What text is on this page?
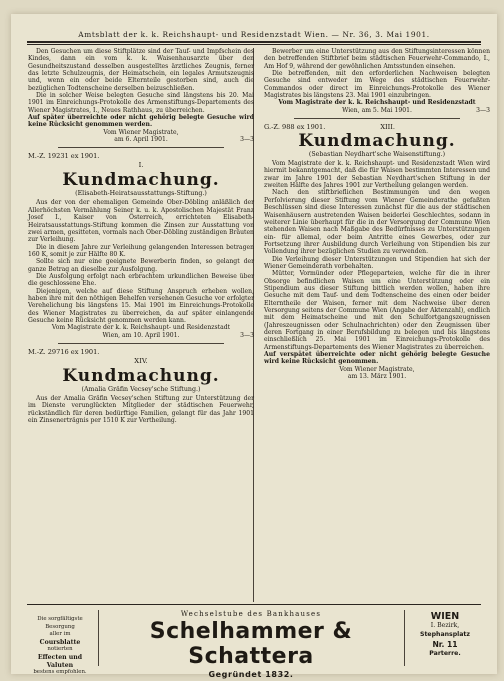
Amtsblatt der k. k. Reichshaupt- und Residenzstadt Wien. — Nr. 36, 3. Mai 1901.

Den Gesuchen um diese Stiftplätze sind der Tauf- und Impfschein des Kindes, dann ein vom k. k. Waisenhausarzte über den Gesundheitszustand desselben ausgestelltes ärztliches Zeugnis, ferner das letzte Schulzeugnis, der Heimatschein, ein legales Armutszeugnis und, wenn ein oder beide Elternteile gestorben sind, auch die bezüglichen Todtenscheine derselben beizuschließen.

Die in solcher Weise belegten Gesuche sind längstens bis 20. Mai 1901 im Einreichungs-Protokolle des Armenstiftungs-Departements des Wiener Magistrates, I., Neues Rathhaus, zu überreichen.

Auf später überreichte oder nicht gehörig belegte Gesuche wird keine Rücksicht genommen werden.

Vom Wiener Magistrate,

am 6. April 1901.	3—3
M.-Z. 19231 ex 1901.
I.
Kundmachung.
(Elisabeth-Heiratsausstattungs-Stiftung.)

Aus der von der ehemaligen Gemeinde Ober-Döbling anläßlich der Allerhöchsten Vermählung Seiner k. u. k. Apostolischen Majestät Franz Josef I., Kaiser von Österreich, errichteten Elisabeth-Heiratsausstattungs-Stiftung kommen die Zinsen zur Ausstattung von zwei armen, gesitteten, vormals nach Ober-Döbling zuständigen Bräuten zur Verleihung.

Die in diesem Jahre zur Verleihung gelangenden Interessen betragen 160 K, somit je zur Hälfte 80 K.

Sollte sich nur eine geeignete Bewerberin finden, so gelangt der ganze Betrag an dieselbe zur Ausfolgung.

Die Ausfolgung erfolgt nach erbrachtem urkundlichen Beweise über die geschlossene Ehe.

Diejenigen, welche auf diese Stiftung Anspruch erheben wollen, haben ihre mit den nöthigen Behelfen versehenen Gesuche vor erfolgter Verehelichung bis längstens 15. Mai 1901 im Einreichungs-Protokolle des Wiener Magistrates zu überreichen, da auf später einlangende Gesuche keine Rücksicht genommen werden kann.

Vom Magistrate der k. k. Reichshaupt- und Residenzstadt

Wien, am 10. April 1901.	3—3
M.-Z. 29716 ex 1901.
XIV.
Kundmachung.
(Amalia Gräfin Vecsey'sche Stiftung.)

Aus der Amalia Gräfin Vecsey'schen Stiftung zur Unterstützung der im Dienste verunglückten Mitglieder der städtischen Feuerwehr, rückständlich für deren bedürftige Familien, gelangt für das Jahr 1901 ein Zinsenerträgnis per 1510 K zur Vertheilung.

Bewerber um eine Unterstützung aus den Stiftungsinteressen können den betreffenden Stiftbrief beim städtischen Feuerwehr-Commando, I., Am Hof 9, während der gewöhnlichen Amtsstunden einsehen.

Die betreffenden, mit den erforderlichen Nachweisen belegten Gesuche sind entweder im Wege des städtischen Feuerwehr-Commandos oder direct im Einreichungs-Protokolle des Wiener Magistrates bis längstens 23. Mai 1901 einzubringen.

Vom Magistrate der k. k. Reichshaupt- und Residenzstadt

Wien, am 5. Mai 1901.	3—3
G.-Z. 988 ex 1901.	XIII.
Kundmachung.
(Sebastian Neydhart'sche Waisenstiftung.)

Vom Magistrate der k. k. Reichshaupt- und Residenzstadt Wien wird hiermit bekanntgemacht, daß die für Waisen bestimmten Interessen und zwar im Jahre 1901 der Sebastian Neydhart'schen Stiftung in der zweiten Hälfte des Jahres 1901 zur Vertheilung gelangen werden.

Nach den stiftbrieflichen Bestimmungen und den wegen Perſolvierung dieser Stiftung vom Wiener Gemeinderathe gefaßten Beschlüssen sind diese Interessen zunächst für die aus der städtischen Waisenhäusern austretenden Waisen beiderlei Geschlechtes, sodann in weiterer Linie überhaupt für die in der Versorgung der Commune Wien stehenden Waisen nach Maßgabe des Bedürfnisses zu Unterstützungen ein- für allemal, oder beim Antritte eines Gewerbes, oder zur Fortsetzung ihrer Ausbildung durch Verleihung von Stipendien bis zur Vollendung ihrer bezüglichen Studien zu verwenden.

Die Verleihung dieser Unterstützungen und Stipendien hat sich der Wiener Gemeinderath vorbehalten.

Mütter, Vormünder oder Pflegeparteien, welche für die in ihrer Obsorge befindlichen Waisen um eine Unterstützung oder ein Stipendium aus dieser Stiftung bittlich werden wollen, haben ihre Gesuche mit dem Tauf- und dem Todtenscheine des einen oder beider Elterntheile der Waisen, ferner mit dem Nachweise über deren Versorgung seitens der Commune Wien (Angabe der Aktenzahl), endlich mit dem Heimatscheine und mit den Schulfortgangszeugnissen (Jahreszeugnissen oder Schulnachrichten) oder den Zeugnissen über deren Fortgang in einer Berufsbildung zu belegen und bis längstens einschließlich 25. Mai 1901 im Einreichungs-Protokolle des Armenstiftungs-Departements des Wiener Magistrates zu überreichen.

Auf verspätet überreichte oder nicht gehörig belegte Gesuche wird keine Rücksicht genommen.

Vom Wiener Magistrate,

am 13. März 1901.

Die sorgfältigste Besorgung
aller im
Coursblatte
notierten
Effecten und Valuten
bestens empfohlen.
Wechselstube des Bankhauses
Schelhammer & Schattera
Gegründet 1832.
WIEN
I. Bezirk,
Stephansplatz
Nr. 11
Parterre.
